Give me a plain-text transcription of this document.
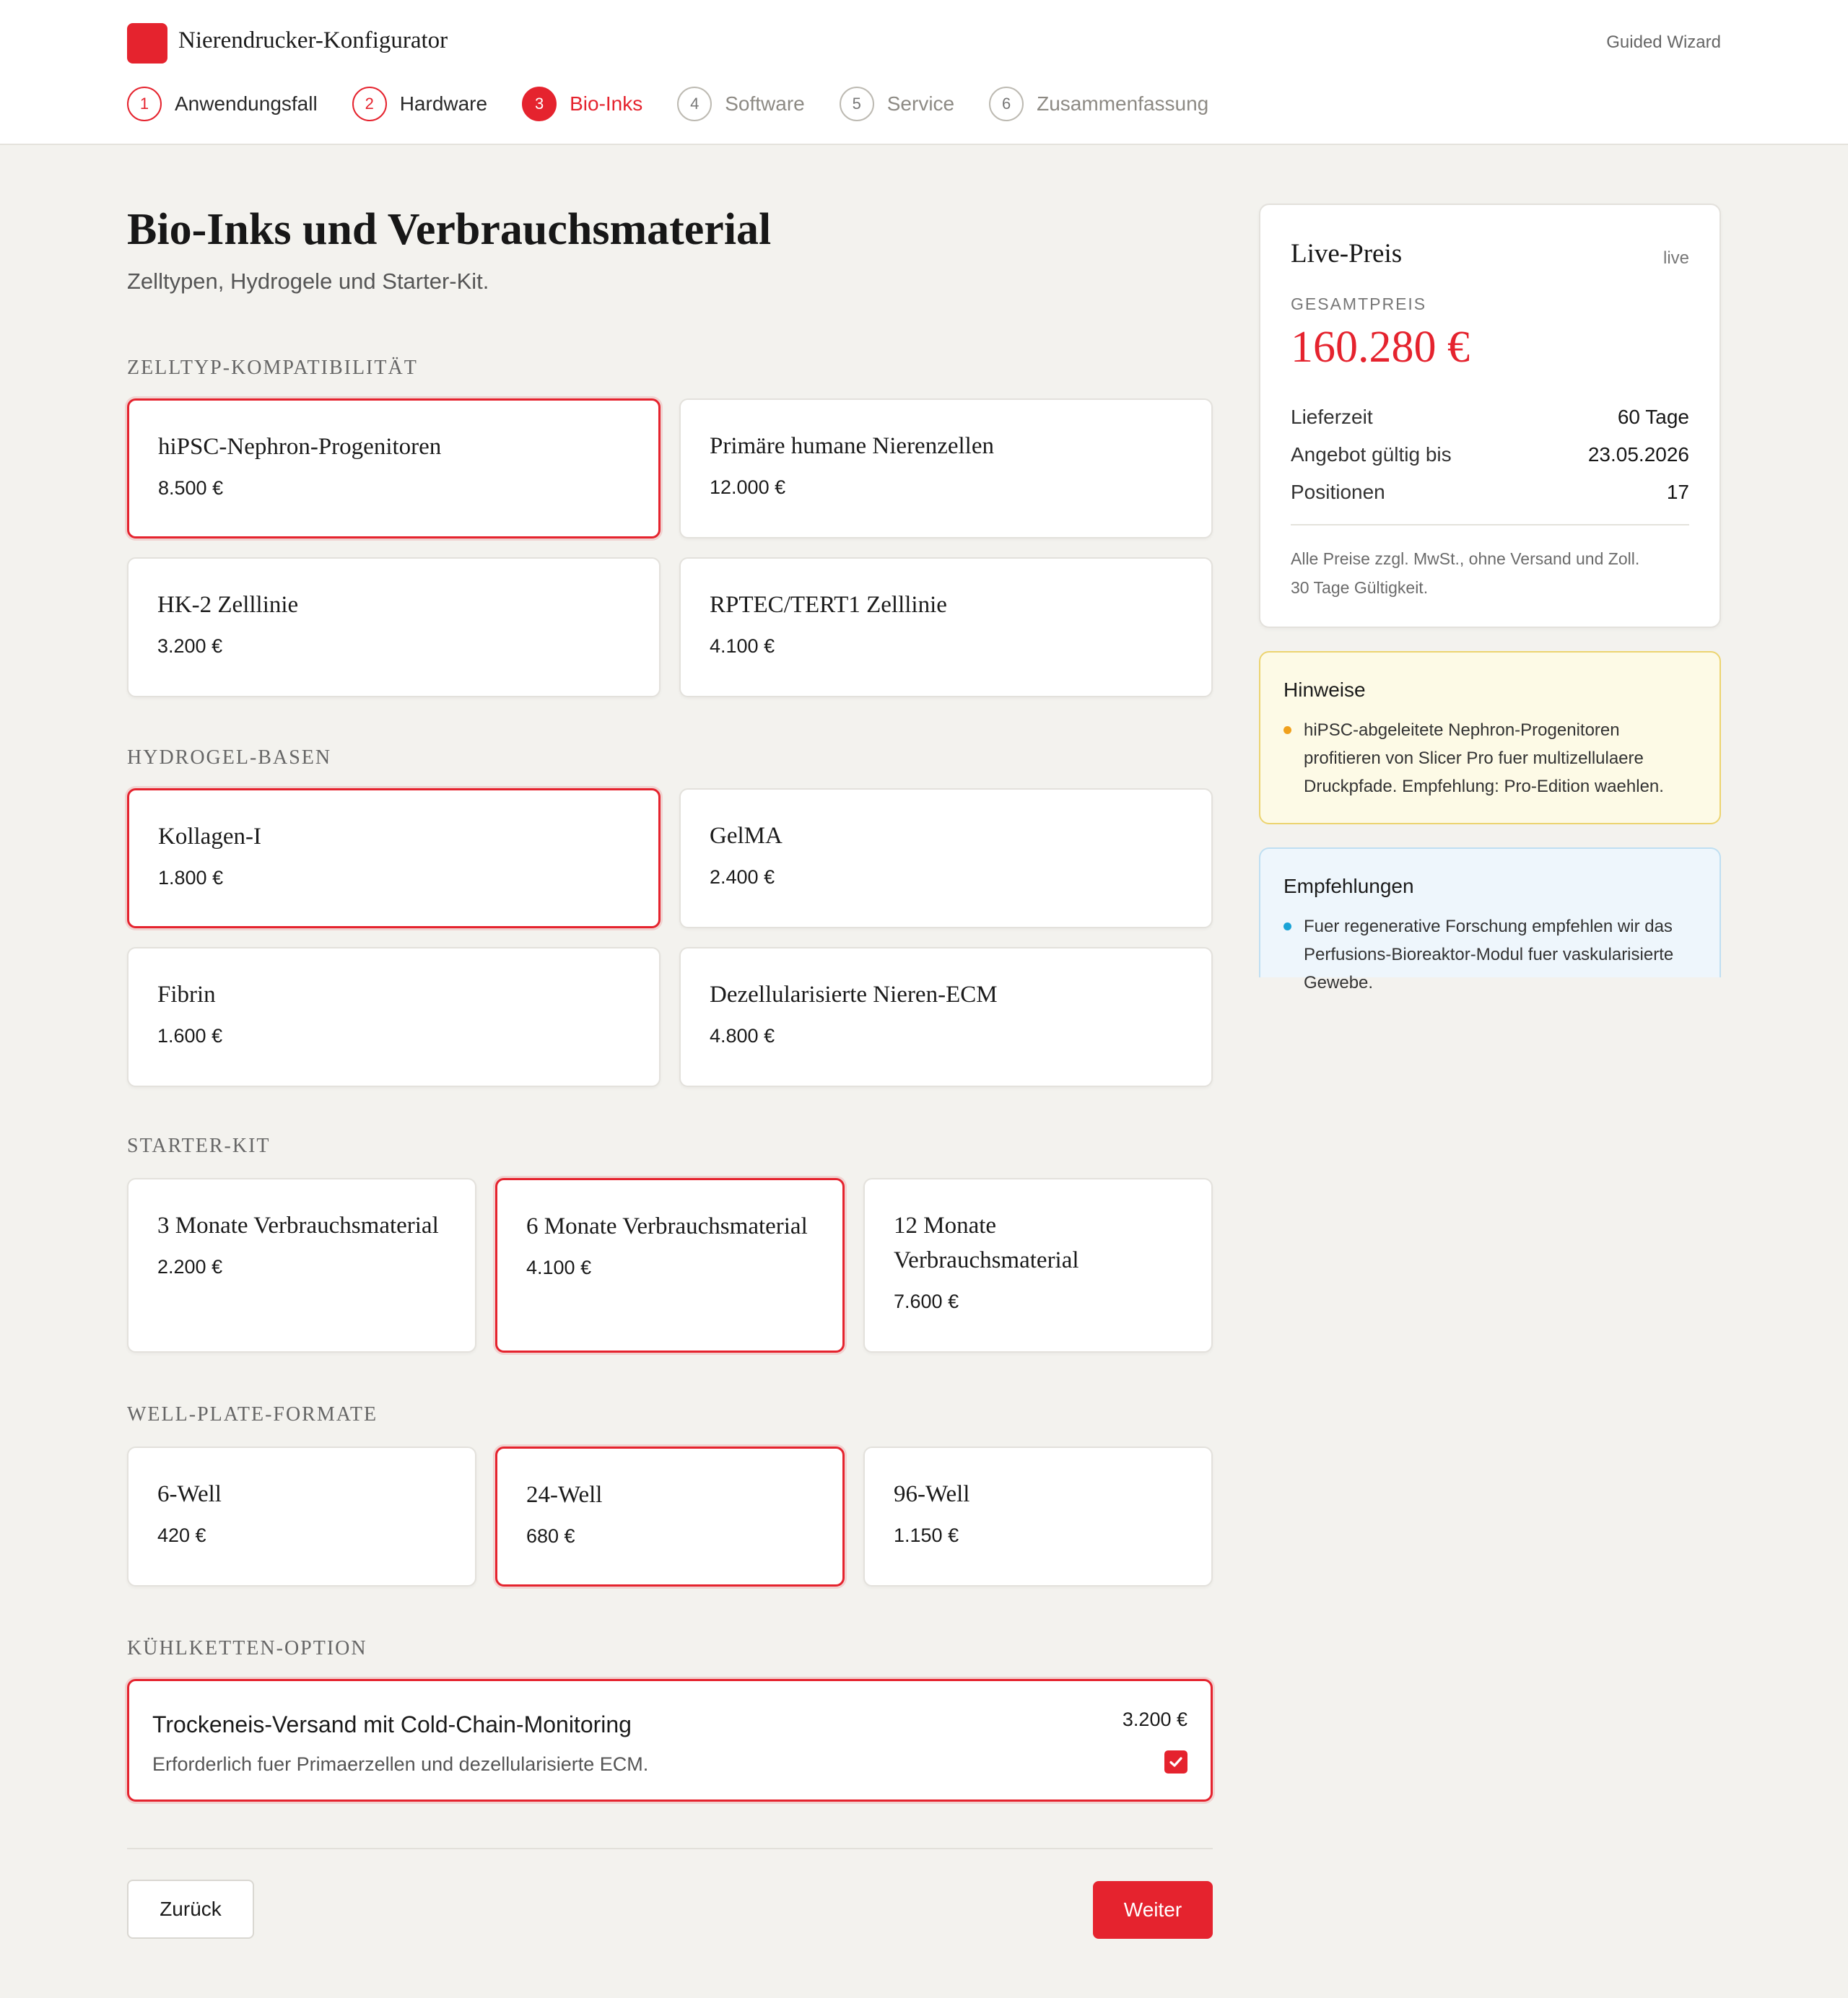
Nierendrucker-Konfigurator	Guided Wizard
1	Anwendungsfall	2	Hardware	3	Bio-Inks	4	Software	5	Service	6	Zusammenfassung
Bio-Inks und Verbrauchsmaterial
Zelltypen, Hydrogele und Starter-Kit.
ZELLTYP-KOMPATIBILITÄT
hiPSC-Nephron-Progenitoren
8.500 €
Primäre humane Nierenzellen
12.000 €
HK-2 Zelllinie
3.200 €
RPTEC/TERT1 Zelllinie
4.100 €
HYDROGEL-BASEN
Kollagen-I
1.800 €
GelMA
2.400 €
Fibrin
1.600 €
Dezellularisierte Nieren-ECM
4.800 €
STARTER-KIT
3 Monate Verbrauchsmaterial
2.200 €
6 Monate Verbrauchsmaterial
4.100 €
12 Monate Verbrauchsmaterial
7.600 €
WELL-PLATE-FORMATE
6-Well
420 €
24-Well
680 €
96-Well
1.150 €
KÜHLKETTEN-OPTION
Trockeneis-Versand mit Cold-Chain-Monitoring
Erforderlich fuer Primaerzellen und dezellularisierte ECM.
3.200 €
Zurück	Weiter
Live-Preis	live
GESAMTPREIS
160.280 €
Lieferzeit	60 Tage
Angebot gültig bis	23.05.2026
Positionen	17
Alle Preise zzgl. MwSt., ohne Versand und Zoll.
30 Tage Gültigkeit.
Hinweise
hiPSC-abgeleitete Nephron-Progenitoren profitieren von Slicer Pro fuer multizellulaere Druckpfade. Empfehlung: Pro-Edition waehlen.
Empfehlungen
Fuer regenerative Forschung empfehlen wir das Perfusions-Bioreaktor-Modul fuer vaskularisierte Gewebe.
